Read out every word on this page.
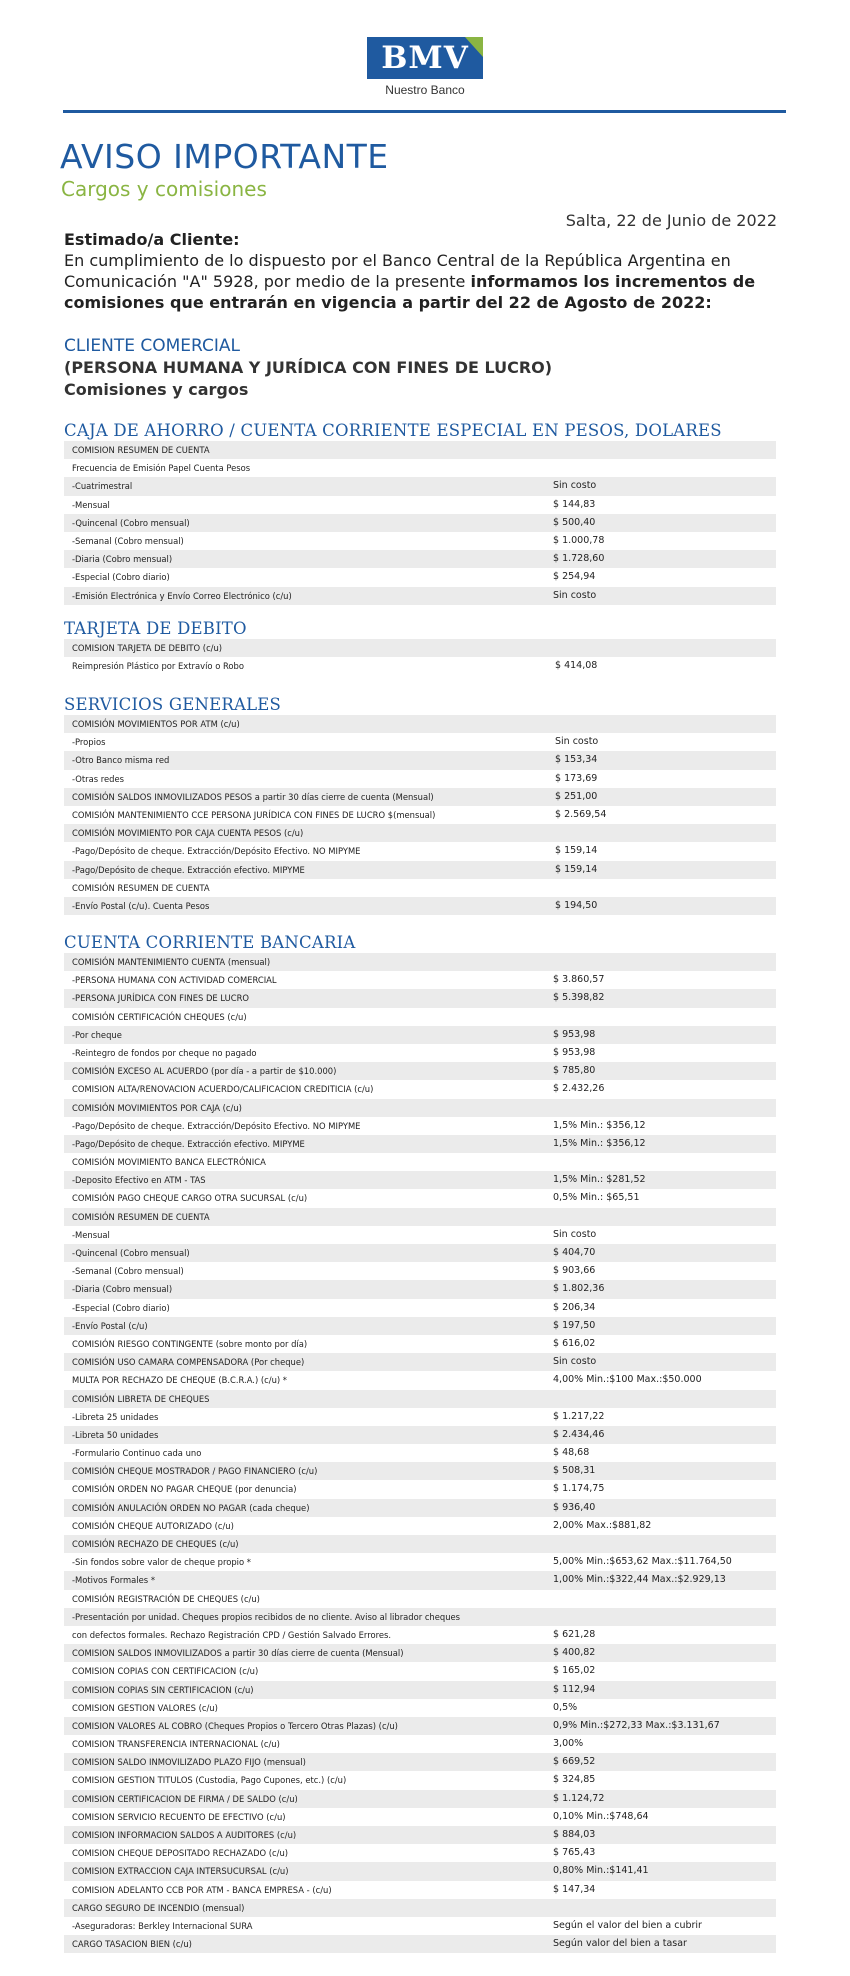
BMV
Nuestro Banco
AVISO IMPORTANTE
Cargos y comisiones
Salta, 22 de Junio de 2022
Estimado/a Cliente:
En cumplimiento de lo dispuesto por el Banco Central de la República Argentina en Comunicación "A" 5928, por medio de la presente informamos los incrementos de comisiones que entrarán en vigencia a partir del 22 de Agosto de 2022:
CLIENTE COMERCIAL
(PERSONA HUMANA Y JURÍDICA CON FINES DE LUCRO)
Comisiones y cargos
CAJA DE AHORRO / CUENTA CORRIENTE ESPECIAL EN PESOS, DOLARES
COMISION RESUMEN DE CUENTA
Frecuencia de Emisión Papel Cuenta Pesos
-Cuatrimestral	Sin costo
-Mensual	$ 144,83
-Quincenal (Cobro mensual)	$ 500,40
-Semanal (Cobro mensual)	$ 1.000,78
-Diaria (Cobro mensual)	$ 1.728,60
-Especial (Cobro diario)	$ 254,94
-Emisión Electrónica y Envío Correo Electrónico (c/u)	Sin costo
TARJETA DE DEBITO
COMISION TARJETA DE DEBITO (c/u)
Reimpresión Plástico por Extravío o Robo	$ 414,08
SERVICIOS GENERALES
COMISIÓN MOVIMIENTOS POR ATM (c/u)
-Propios	Sin costo
-Otro Banco misma red	$ 153,34
-Otras redes	$ 173,69
COMISIÓN SALDOS INMOVILIZADOS PESOS a partir 30 días cierre de cuenta (Mensual)	$ 251,00
COMISIÓN MANTENIMIENTO CCE PERSONA JURÍDICA CON FINES DE LUCRO $(mensual)	$ 2.569,54
COMISIÓN MOVIMIENTO POR CAJA CUENTA PESOS (c/u)
-Pago/Depósito de cheque. Extracción/Depósito Efectivo. NO MIPYME	$ 159,14
-Pago/Depósito de cheque. Extracción efectivo. MIPYME	$ 159,14
COMISIÓN RESUMEN DE CUENTA
-Envío Postal (c/u). Cuenta Pesos	$ 194,50
CUENTA CORRIENTE BANCARIA
COMISIÓN MANTENIMIENTO CUENTA (mensual)
-PERSONA HUMANA CON ACTIVIDAD COMERCIAL	$ 3.860,57
-PERSONA JURÍDICA CON FINES DE LUCRO	$ 5.398,82
COMISIÓN CERTIFICACIÓN CHEQUES (c/u)
-Por cheque	$ 953,98
-Reintegro de fondos por cheque no pagado	$ 953,98
COMISIÓN EXCESO AL ACUERDO (por día - a partir de $10.000)	$ 785,80
COMISION ALTA/RENOVACION ACUERDO/CALIFICACION CREDITICIA (c/u)	$ 2.432,26
COMISIÓN MOVIMIENTOS POR CAJA (c/u)
-Pago/Depósito de cheque. Extracción/Depósito Efectivo. NO MIPYME	1,5% Min.: $356,12
-Pago/Depósito de cheque. Extracción efectivo. MIPYME	1,5% Min.: $356,12
COMISIÓN MOVIMIENTO BANCA ELECTRÓNICA
-Deposito Efectivo en ATM - TAS	1,5% Min.: $281,52
COMISIÓN PAGO CHEQUE CARGO OTRA SUCURSAL (c/u)	0,5% Min.: $65,51
COMISIÓN RESUMEN DE CUENTA
-Mensual	Sin costo
-Quincenal (Cobro mensual)	$ 404,70
-Semanal (Cobro mensual)	$ 903,66
-Diaria (Cobro mensual)	$ 1.802,36
-Especial (Cobro diario)	$ 206,34
-Envío Postal (c/u)	$ 197,50
COMISIÓN RIESGO CONTINGENTE (sobre monto por día)	$ 616,02
COMISIÓN USO CAMARA COMPENSADORA (Por cheque)	Sin costo
MULTA POR RECHAZO DE CHEQUE (B.C.R.A.) (c/u) *	4,00% Min.:$100 Max.:$50.000
COMISIÓN LIBRETA DE CHEQUES
-Libreta 25 unidades	$ 1.217,22
-Libreta 50 unidades	$ 2.434,46
-Formulario Continuo cada uno	$ 48,68
COMISIÓN CHEQUE MOSTRADOR / PAGO FINANCIERO (c/u)	$ 508,31
COMISIÓN ORDEN NO PAGAR CHEQUE (por denuncia)	$ 1.174,75
COMISIÓN ANULACIÓN ORDEN NO PAGAR (cada cheque)	$ 936,40
COMISIÓN CHEQUE AUTORIZADO (c/u)	2,00% Max.:$881,82
COMISIÓN RECHAZO DE CHEQUES (c/u)
-Sin fondos sobre valor de cheque propio *	5,00% Min.:$653,62 Max.:$11.764,50
-Motivos Formales *	1,00% Min.:$322,44 Max.:$2.929,13
COMISIÓN REGISTRACIÓN DE CHEQUES (c/u)
-Presentación por unidad. Cheques propios recibidos de no cliente. Aviso al librador cheques
con defectos formales. Rechazo Registración CPD / Gestión Salvado Errores.	$ 621,28
COMISION SALDOS INMOVILIZADOS a partir 30 días cierre de cuenta (Mensual)	$ 400,82
COMISION COPIAS CON CERTIFICACION (c/u)	$ 165,02
COMISION COPIAS SIN CERTIFICACION (c/u)	$ 112,94
COMISION GESTION VALORES (c/u)	0,5%
COMISION VALORES AL COBRO (Cheques Propios o Tercero Otras Plazas) (c/u)	0,9% Min.:$272,33 Max.:$3.131,67
COMISION TRANSFERENCIA INTERNACIONAL (c/u)	3,00%
COMISION SALDO INMOVILIZADO PLAZO FIJO (mensual)	$ 669,52
COMISION GESTION TITULOS (Custodia, Pago Cupones, etc.) (c/u)	$ 324,85
COMISION CERTIFICACION DE FIRMA / DE SALDO (c/u)	$ 1.124,72
COMISION SERVICIO RECUENTO DE EFECTIVO (c/u)	0,10% Min.:$748,64
COMISION INFORMACION SALDOS A AUDITORES (c/u)	$ 884,03
COMISION CHEQUE DEPOSITADO RECHAZADO (c/u)	$ 765,43
COMISION EXTRACCION CAJA INTERSUCURSAL (c/u)	0,80% Min.:$141,41
COMISION ADELANTO CCB POR ATM - BANCA EMPRESA - (c/u)	$ 147,34
CARGO SEGURO DE INCENDIO (mensual)
-Aseguradoras: Berkley Internacional SURA	Según el valor del bien a cubrir
CARGO TASACION BIEN (c/u)	Según valor del bien a tasar
